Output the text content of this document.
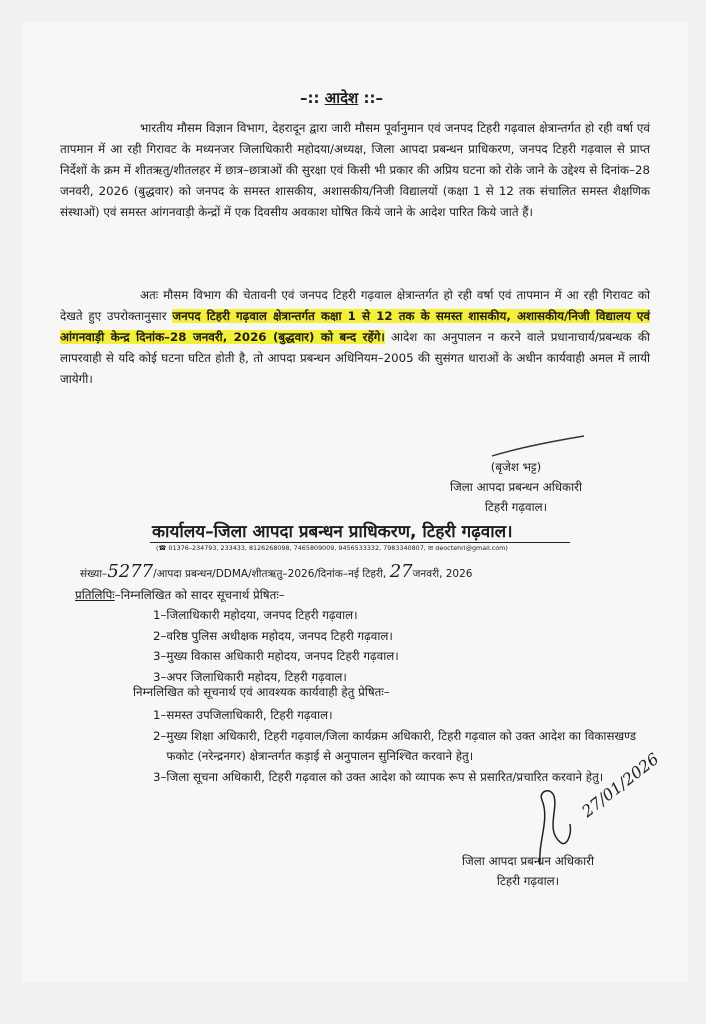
–:: आदेश ::–
भारतीय मौसम विज्ञान विभाग, देहरादून द्वारा जारी मौसम पूर्वानुमान एवं जनपद टिहरी गढ़वाल क्षेत्रान्तर्गत हो रही वर्षा एवं तापमान में आ रही गिरावट के मध्यनजर जिलाधिकारी महोदया/अध्यक्ष, जिला आपदा प्रबन्धन प्राधिकरण, जनपद टिहरी गढ़वाल से प्राप्त निर्देशों के क्रम में शीतऋतु/शीतलहर में छात्र–छात्राओं की सुरक्षा एवं किसी भी प्रकार की अप्रिय घटना को रोके जाने के उद्देश्य से दिनांक–28 जनवरी, 2026 (बुद्धवार) को जनपद के समस्त शासकीय, अशासकीय/निजी विद्यालयों (कक्षा 1 से 12 तक संचालित समस्त शैक्षणिक संस्थाओं) एवं समस्त आंगनवाड़ी केन्द्रों में एक दिवसीय अवकाश घोषित किये जाने के आदेश पारित किये जाते हैं।
अतः मौसम विभाग की चेतावनी एवं जनपद टिहरी गढ़वाल क्षेत्रान्तर्गत हो रही वर्षा एवं तापमान में आ रही गिरावट को देखते हुए उपरोक्तानुसार जनपद टिहरी गढ़वाल क्षेत्रान्तर्गत कक्षा 1 से 12 तक के समस्त शासकीय, अशासकीय/निजी विद्यालय एवं आंगनवाड़ी केन्द्र दिनांक–28 जनवरी, 2026 (बुद्धवार) को बन्द रहेंगे। आदेश का अनुपालन न करने वाले प्रधानाचार्य/प्रबन्धक की लापरवाही से यदि कोई घटना घटित होती है, तो आपदा प्रबन्धन अधिनियम–2005 की सुसंगत धाराओं के अधीन कार्यवाही अमल में लायी जायेगी।
(बृजेश भट्ट)
जिला आपदा प्रबन्धन अधिकारी
टिहरी गढ़वाल।
कार्यालय–जिला आपदा प्रबन्धन प्राधिकरण, टिहरी गढ़वाल।
(☎ 01376–234793, 233433, 8126268098, 7465809009, 9456533332, 7983340807, ✉ deoctehri@gmail.com)
संख्या–5277/आपदा प्रबन्धन/DDMA/शीतऋतु–2026/दिनांक–नई टिहरी, 27जनवरी, 2026
प्रतिलिपिः–निम्नलिखित को सादर सूचनार्थ प्रेषितः–
1–जिलाधिकारी महोदया, जनपद टिहरी गढ़वाल।
2–वरिष्ठ पुलिस अधीक्षक महोदय, जनपद टिहरी गढ़वाल।
3–मुख्य विकास अधिकारी महोदय, जनपद टिहरी गढ़वाल।
3–अपर जिलाधिकारी महोदय, टिहरी गढ़वाल।
निम्नलिखित को सूचनार्थ एवं आवश्यक कार्यवाही हेतु प्रेषितः–
1– समस्त उपजिलाधिकारी, टिहरी गढ़वाल।
2– मुख्य शिक्षा अधिकारी, टिहरी गढ़वाल/जिला कार्यक्रम अधिकारी, टिहरी गढ़वाल को उक्त आदेश का विकासखण्ड फकोट (नरेन्द्रनगर) क्षेत्रान्तर्गत कड़ाई से अनुपालन सुनिश्चित करवाने हेतु।
3– जिला सूचना अधिकारी, टिहरी गढ़वाल को उक्त आदेश को व्यापक रूप से प्रसारित/प्रचारित करवाने हेतु।
27/01/2026
जिला आपदा प्रबन्धन अधिकारी
टिहरी गढ़वाल।
